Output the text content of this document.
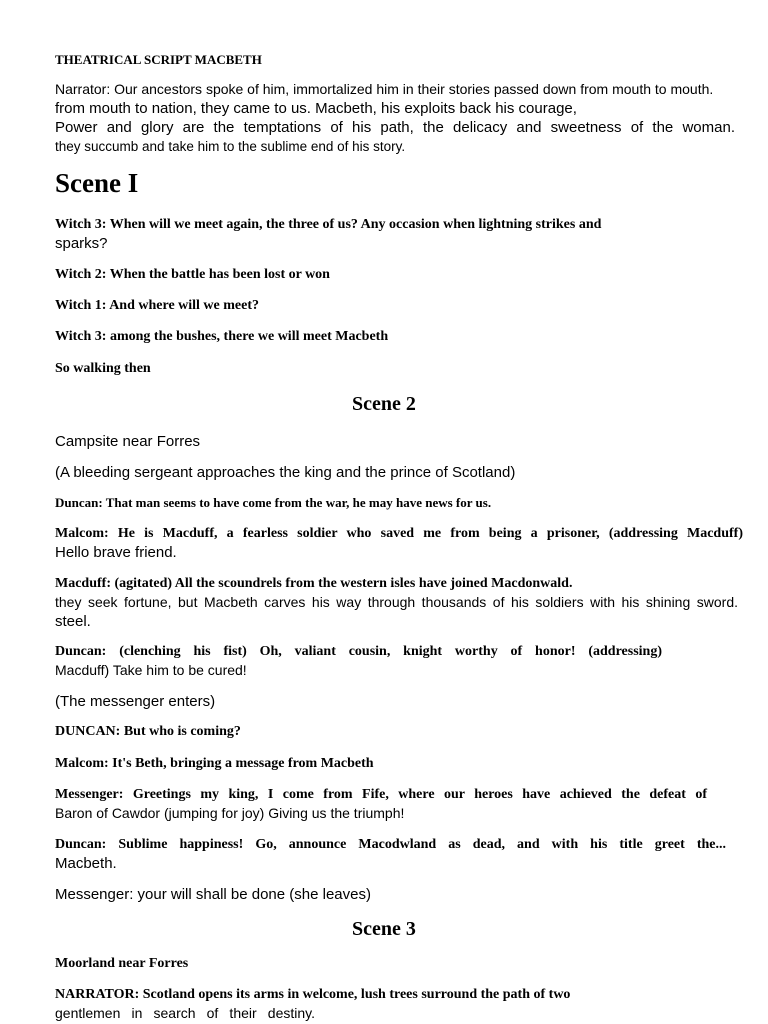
THEATRICAL SCRIPT MACBETH
Narrator: Our ancestors spoke of him, immortalized him in their stories passed down from mouth to mouth.
from mouth to nation, they came to us. Macbeth, his exploits back his courage,
Power and glory are the temptations of his path, the delicacy and sweetness of the woman.
they succumb and take him to the sublime end of his story.
Scene I

Witch 3: When will we meet again, the three of us? Any occasion when lightning strikes and
sparks?

Witch 2: When the battle has been lost or won

Witch 1: And where will we meet?

Witch 3: among the bushes, there we will meet Macbeth

So walking then

Scene 2

Campsite near Forres

(A bleeding sergeant approaches the king and the prince of Scotland)

Duncan: That man seems to have come from the war, he may have news for us.

Malcom: He is Macduff, a fearless soldier who saved me from being a prisoner, (addressing Macduff)
Hello brave friend.

Macduff: (agitated) All the scoundrels from the western isles have joined Macdonwald.
they seek fortune, but Macbeth carves his way through thousands of his soldiers with his shining sword.
steel.

Duncan: (clenching his fist) Oh, valiant cousin, knight worthy of honor! (addressing)
Macduff) Take him to be cured!

(The messenger enters)

DUNCAN: But who is coming?

Malcom: It's Beth, bringing a message from Macbeth

Messenger: Greetings my king, I come from Fife, where our heroes have achieved the defeat of
Baron of Cawdor (jumping for joy) Giving us the triumph!

Duncan: Sublime happiness! Go, announce Macodwland as dead, and with his title greet the...
Macbeth.

Messenger: your will shall be done (she leaves)

Scene 3

Moorland near Forres

NARRATOR: Scotland opens its arms in welcome, lush trees surround the path of two
gentlemen in search of their destiny.
